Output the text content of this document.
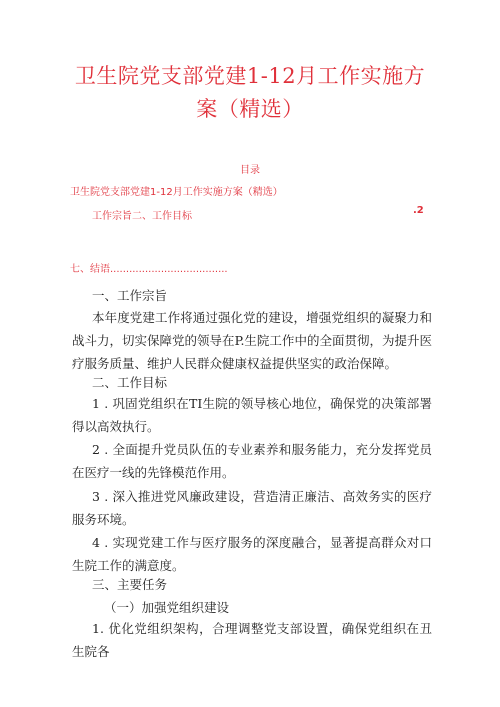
卫生院党支部党建1-12月工作实施方
案（精选）
目录
卫生院党支部党建1-12月工作实施方案（精选）
工作宗旨二、工作目标
.2
七、结语.....................................
一、工作宗旨
本年度党建工作将通过强化党的建设，增强党组织的凝聚力和战斗力，切实保障党的领导在P.生院工作中的全面贯彻，为提升医疗服务质量、维护人民群众健康权益提供坚实的政治保障。
二、工作目标
1 . 巩固党组织在TI生院的领导核心地位，确保党的决策部署得以高效执行。
2 . 全面提升党员队伍的专业素养和服务能力，充分发挥党员在医疗一线的先锋模范作用。
3 . 深入推进党风廉政建设，营造清正廉洁、高效务实的医疗服务环境。
4 . 实现党建工作与医疗服务的深度融合，显著提高群众对口生院工作的满意度。
三、主要任务
（一）加强党组织建设
1. 优化党组织架构，合理调整党支部设置，确保党组织在丑生院各
